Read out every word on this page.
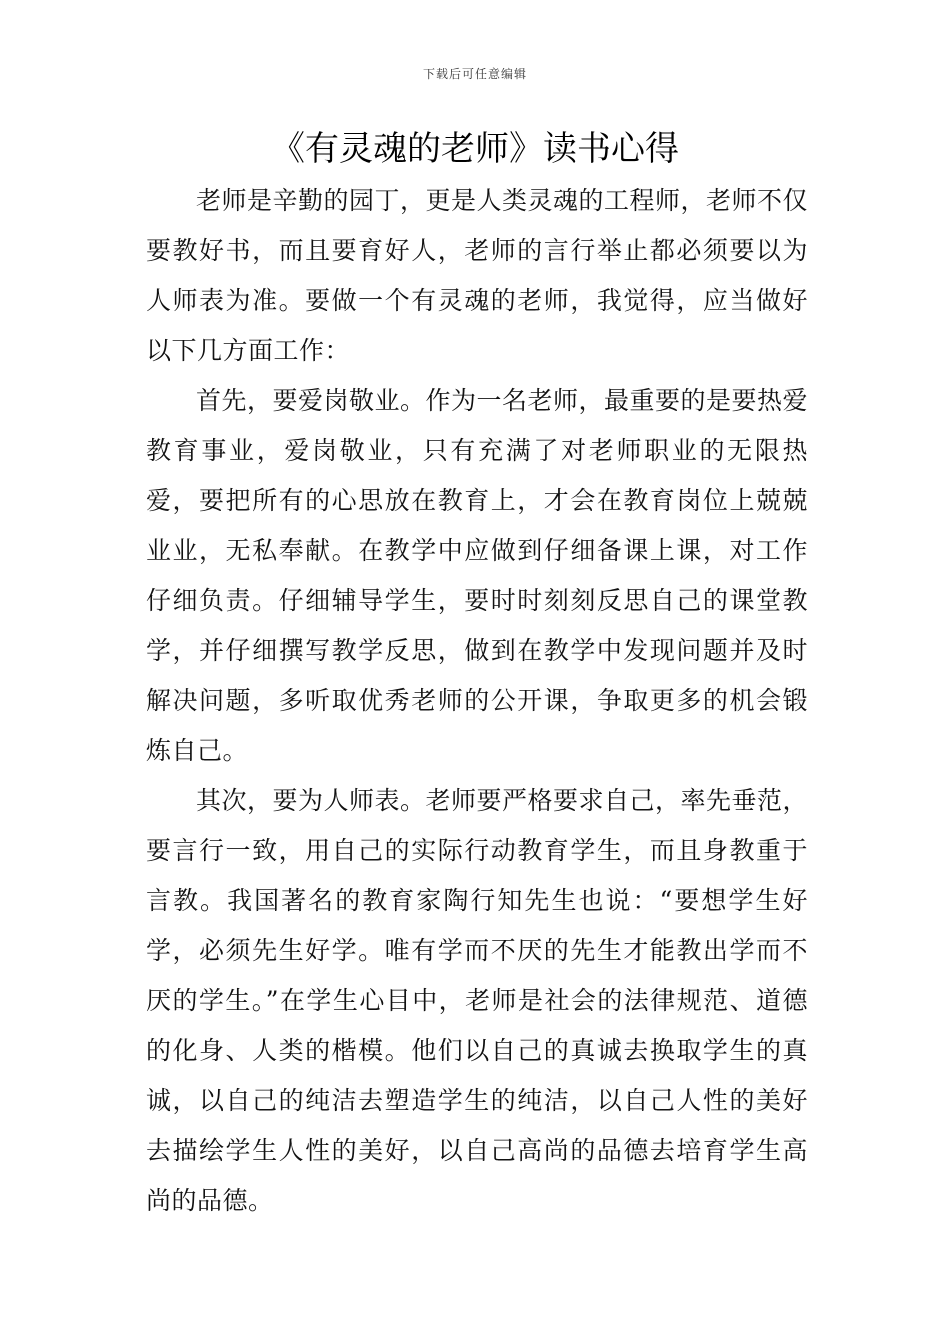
下载后可任意编辑
《有灵魂的老师》读书心得

老师是辛勤的园丁，更是人类灵魂的工程师，老师不仅要教好书，而且要育好人，老师的言行举止都必须要以为人师表为准。要做一个有灵魂的老师，我觉得，应当做好以下几方面工作：

首先，要爱岗敬业。作为一名老师，最重要的是要热爱教育事业，爱岗敬业，只有充满了对老师职业的无限热爱，要把所有的心思放在教育上，才会在教育岗位上兢兢业业，无私奉献。在教学中应做到仔细备课上课，对工作仔细负责。仔细辅导学生，要时时刻刻反思自己的课堂教学，并仔细撰写教学反思，做到在教学中发现问题并及时解决问题，多听取优秀老师的公开课，争取更多的机会锻炼自己。

其次，要为人师表。老师要严格要求自己，率先垂范，要言行一致，用自己的实际行动教育学生，而且身教重于言教。我国著名的教育家陶行知先生也说：“要想学生好学，必须先生好学。唯有学而不厌的先生才能教出学而不厌的学生。”在学生心目中，老师是社会的法律规范、道德的化身、人类的楷模。他们以自己的真诚去换取学生的真诚，以自己的纯洁去塑造学生的纯洁，以自己人性的美好去描绘学生人性的美好，以自己高尚的品德去培育学生高尚的品德。
